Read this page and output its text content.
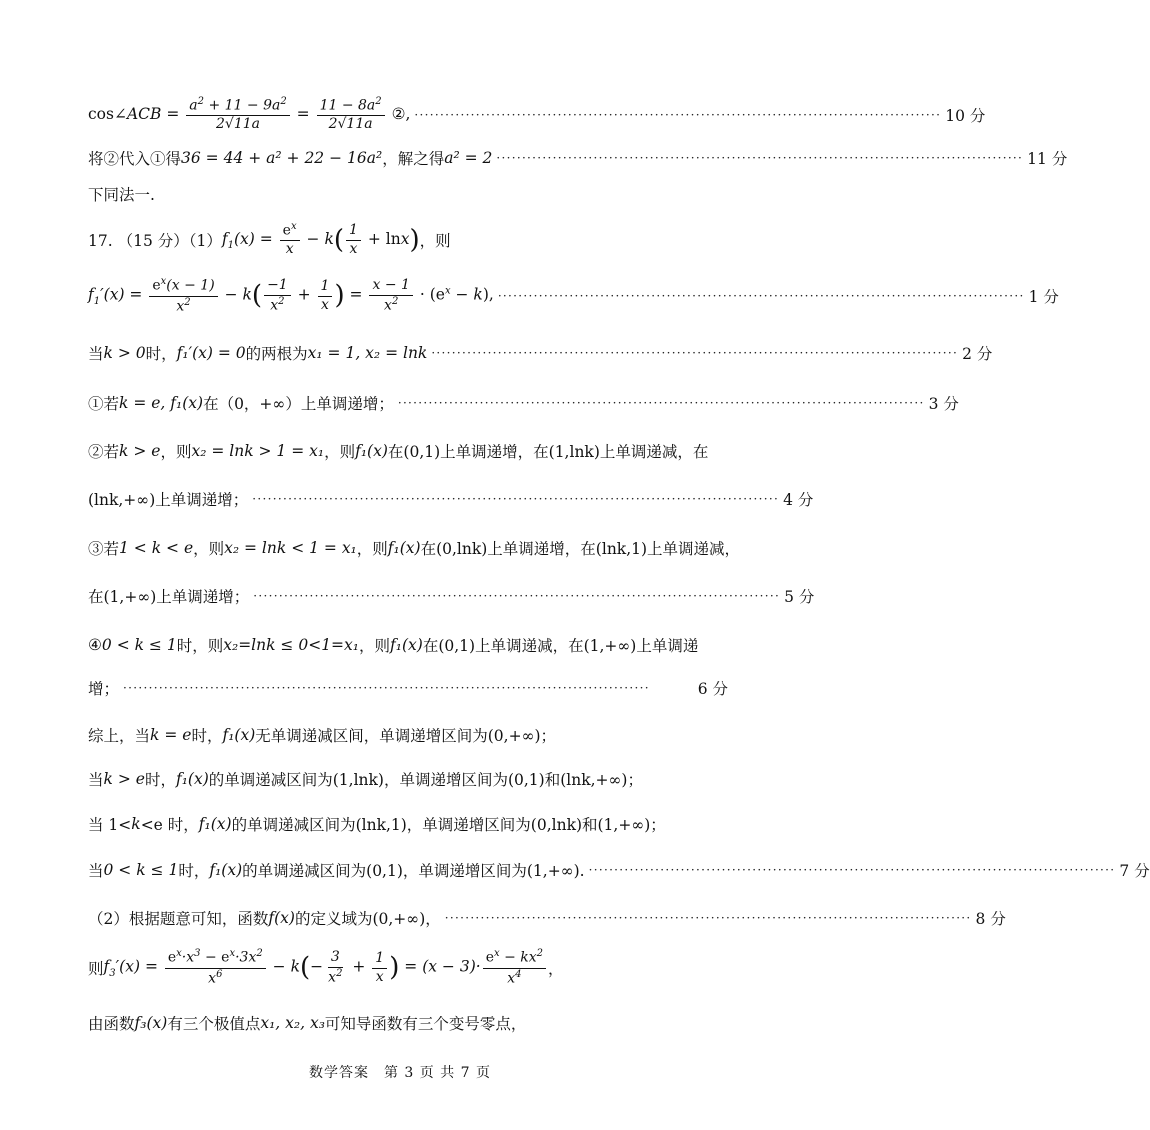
cos∠ACB = $\frac{a^2 + 11 - 9a^2}{2√11a} = \frac{11 - 8a^2}{2√11a}$ ②, ······································································································· 10 分
将②代入①得 36 = 44 + a² + 22 − 16a² ，解之得 a² = 2 ······································································································· 11 分
下同法一.
17. （15 分）（1） $f_1(x) = \frac{e^x}{x} - k( \frac{1}{x} + \ln x)$ ，则
$f_1'(x) = \frac{e^x(x - 1)}{x^2} - k( \frac{-1}{x^2} + \frac{1}{x}$ ) = $\frac{x - 1}{x^2} \cdot (e^x - k)$, ······································································································· 1 分
当 k > 0 时， f₁′(x) = 0 的两根为 x₁ = 1, x₂ = lnk ······································································································· 2 分
①若 k = e, f₁(x) 在（0，+∞）上单调递增； ······································································································· 3 分
②若 k > e ，则 x₂ = lnk > 1 = x₁ ，则 f₁(x) 在(0,1)上单调递增，在(1,lnk)上单调递减，在
(lnk,+∞)上单调递增； ······································································································· 4 分
③若 1 < k < e ，则 x₂ = lnk < 1 = x₁ ，则 f₁(x) 在(0,lnk)上单调递增，在(lnk,1)上单调递减，
在(1,+∞)上单调递增； ······································································································· 5 分
④ 0 < k ≤ 1 时，则 x₂=lnk ≤ 0<1=x₁ ，则 f₁(x) 在(0,1)上单调递减，在(1,+∞)上单调递
增； ·······································································································	6 分
综上，当 k = e 时， f₁(x) 无单调递减区间，单调递增区间为(0,+∞)；
当 k > e 时， f₁(x) 的单调递减区间为(1,lnk)，单调递增区间为(0,1)和(lnk,+∞)；
当 1< k <e 时， f₁(x) 的单调递减区间为(lnk,1)，单调递增区间为(0,lnk)和(1,+∞)；
当 0 < k ≤ 1 时， f₁(x) 的单调递减区间为(0,1)，单调递增区间为(1,+∞). ······································································································· 7 分
（2）根据题意可知，函数 f(x) 的定义域为(0,+∞)， ······································································································· 8 分
则 $f_3'(x) = \frac{e^x\cdot x^3 - e^x\cdot 3x^2}{x^6} - k(- \frac{3}{x^2} + \frac{1}{x}$ ) = $(x - 3)\cdot \frac{e^x - kx^2}{x^4}$ ，
由函数 f₃(x) 有三个极值点 x₁, x₂, x₃ 可知导函数有三个变号零点，
数学答案　第 3 页 共 7 页
